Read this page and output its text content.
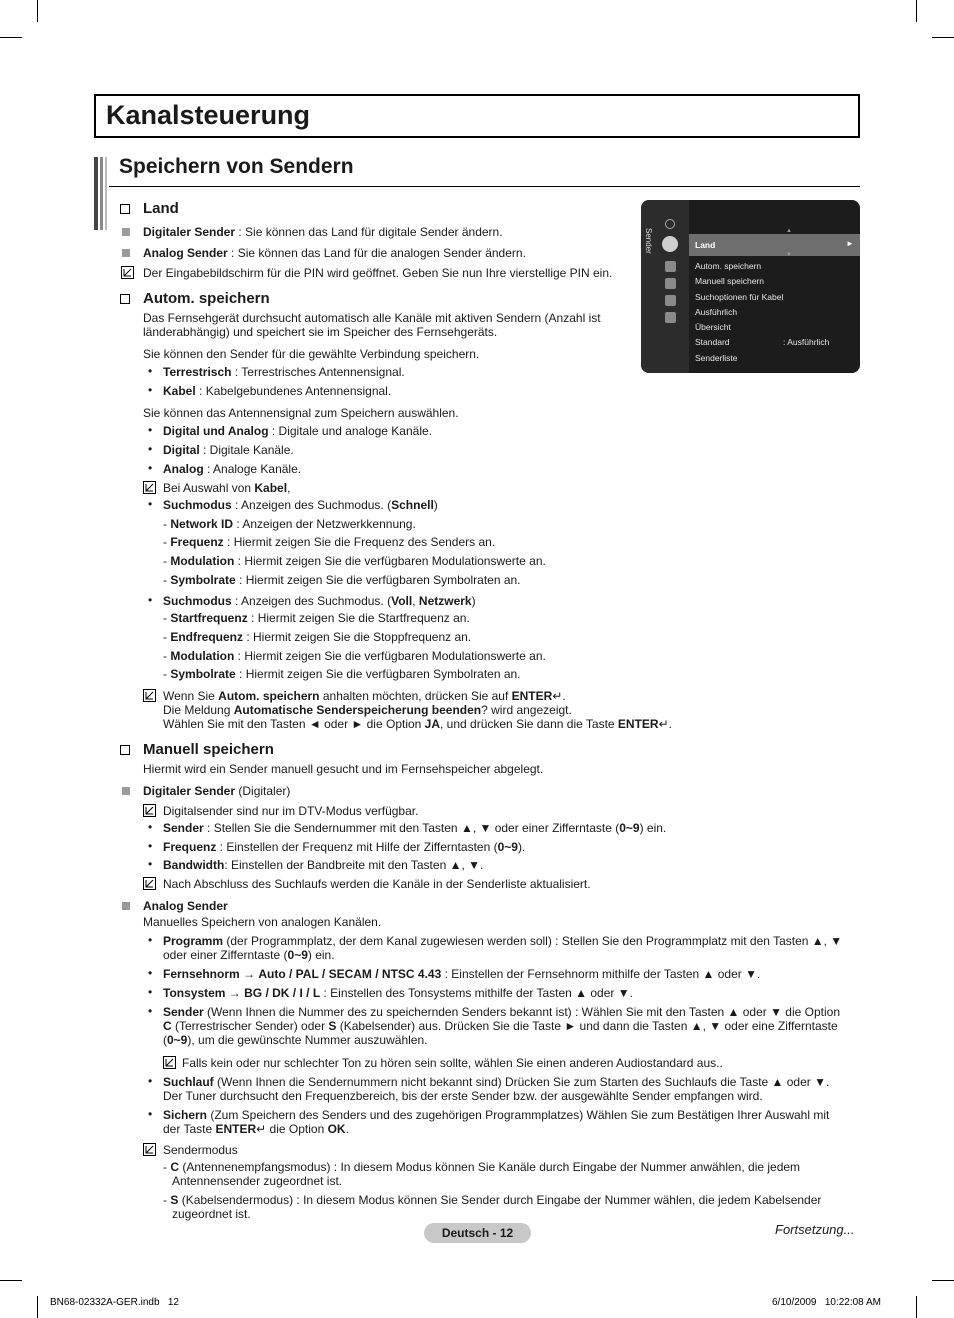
Kanalsteuerung
Speichern von Sendern
Land
Digitaler Sender : Sie können das Land für digitale Sender ändern.
Analog Sender : Sie können das Land für die analogen Sender ändern.
Der Eingabebildschirm für die PIN wird geöffnet. Geben Sie nun Ihre vierstellige PIN ein.
Autom. speichern
Das Fernsehgerät durchsucht automatisch alle Kanäle mit aktiven Sendern (Anzahl ist
länderabhängig) und speichert sie im Speicher des Fernsehgeräts.
Sie können den Sender für die gewählte Verbindung speichern.
• Terrestrisch : Terrestrisches Antennensignal.
• Kabel : Kabelgebundenes Antennensignal.
Sie können das Antennensignal zum Speichern auswählen.
• Digital und Analog : Digitale und analoge Kanäle.
• Digital : Digitale Kanäle.
• Analog : Analoge Kanäle.
Bei Auswahl von Kabel,
• Suchmodus : Anzeigen des Suchmodus. (Schnell)
- Network ID : Anzeigen der Netzwerkkennung.
- Frequenz : Hiermit zeigen Sie die Frequenz des Senders an.
- Modulation : Hiermit zeigen Sie die verfügbaren Modulationswerte an.
- Symbolrate : Hiermit zeigen Sie die verfügbaren Symbolraten an.
• Suchmodus : Anzeigen des Suchmodus. (Voll, Netzwerk)
- Startfrequenz : Hiermit zeigen Sie die Startfrequenz an.
- Endfrequenz : Hiermit zeigen Sie die Stoppfrequenz an.
- Modulation : Hiermit zeigen Sie die verfügbaren Modulationswerte an.
- Symbolrate : Hiermit zeigen Sie die verfügbaren Symbolraten an.
Wenn Sie Autom. speichern anhalten möchten, drücken Sie auf ENTER↵.
Die Meldung Automatische Senderspeicherung beenden? wird angezeigt.
Wählen Sie mit den Tasten ◄ oder ► die Option JA, und drücken Sie dann die Taste ENTER↵.
Manuell speichern
Hiermit wird ein Sender manuell gesucht und im Fernsehspeicher abgelegt.
Digitaler Sender (Digitaler)
Digitalsender sind nur im DTV-Modus verfügbar.
• Sender : Stellen Sie die Sendernummer mit den Tasten ▲, ▼ oder einer Zifferntaste (0~9) ein.
• Frequenz : Einstellen der Frequenz mit Hilfe der Zifferntasten (0~9).
• Bandwidth: Einstellen der Bandbreite mit den Tasten ▲, ▼.
Nach Abschluss des Suchlaufs werden die Kanäle in der Senderliste aktualisiert.
Analog Sender
Manuelles Speichern von analogen Kanälen.
• Programm (der Programmplatz, der dem Kanal zugewiesen werden soll) : Stellen Sie den Programmplatz mit den Tasten ▲, ▼
oder einer Zifferntaste (0~9) ein.
• Fernsehnorm → Auto / PAL / SECAM / NTSC 4.43 : Einstellen der Fernsehnorm mithilfe der Tasten ▲ oder ▼.
• Tonsystem → BG / DK / I / L : Einstellen des Tonsystems mithilfe der Tasten ▲ oder ▼.
• Sender (Wenn Ihnen die Nummer des zu speichernden Senders bekannt ist) : Wählen Sie mit den Tasten ▲ oder ▼ die Option
C (Terrestrischer Sender) oder S (Kabelsender) aus. Drücken Sie die Taste ► und dann die Tasten ▲, ▼ oder eine Zifferntaste
(0~9), um die gewünschte Nummer auszuwählen.
Falls kein oder nur schlechter Ton zu hören sein sollte, wählen Sie einen anderen Audiostandard aus..
• Suchlauf (Wenn Ihnen die Sendernummern nicht bekannt sind) Drücken Sie zum Starten des Suchlaufs die Taste ▲ oder ▼.
Der Tuner durchsucht den Frequenzbereich, bis der erste Sender bzw. der ausgewählte Sender empfangen wird.
• Sichern (Zum Speichern des Senders und des zugehörigen Programmplatzes) Wählen Sie zum Bestätigen Ihrer Auswahl mit
der Taste ENTER↵ die Option OK.
Sendermodus
- C (Antennenempfangsmodus) : In diesem Modus können Sie Kanäle durch Eingabe der Nummer anwählen, die jedem
Antennensender zugeordnet ist.
- S (Kabelsendermodus) : In diesem Modus können Sie Sender durch Eingabe der Nummer wählen, die jedem Kabelsender
zugeordnet ist.
Sender	▲
▼
Land	►
Autom. speichern
Manuell speichern
Suchoptionen für Kabel
Ausführlich
Übersicht
Standard	: Ausführlich
Senderliste
Deutsch - 12	Fortsetzung...
BN68-02332A-GER.indb   12	6/10/2009   10:22:08 AM
